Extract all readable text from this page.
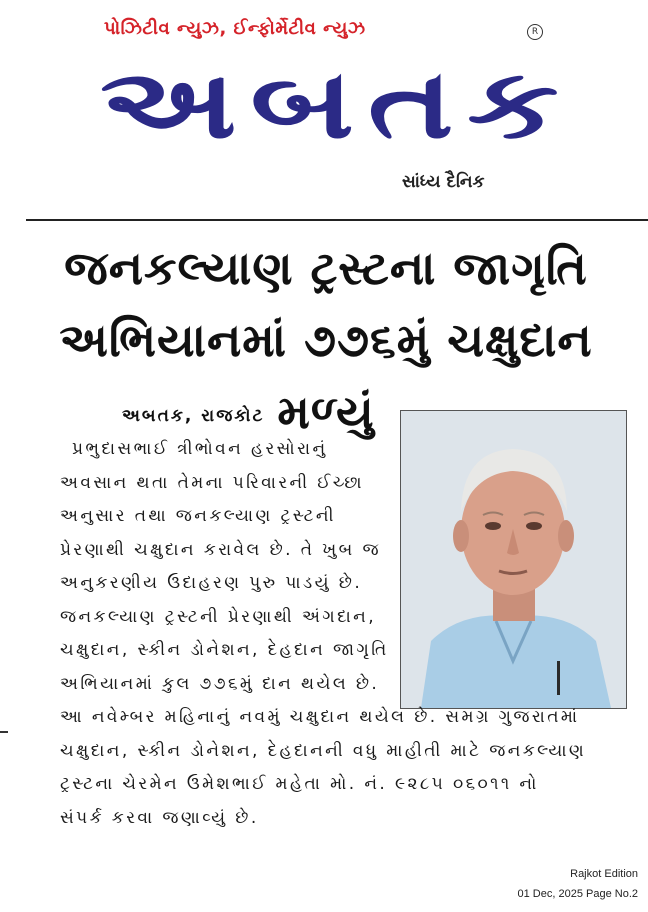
પોઝિટીવ ન્યુઝ, ઈન્ફોર્મેટીવ ન્યુઝ	R
અબતક
સાંધ્ય દૈનિક
જનકલ્યાણ ટ્રસ્ટના જાગૃતિ
અભિયાનમાં ૭૭૬મું ચક્ષુદાન મળ્યું
અબતક, રાજકોટ
પ્રભુદાસભાઈ ત્રીભોવન હરસોરાનું
અવસાન થતા તેમના પરિવારની ઈચ્છા
અનુસાર તથા જનકલ્યાણ ટ્રસ્ટની
પ્રેરણાથી ચક્ષુદાન કરાવેલ છે. તે ખુબ જ
અનુકરણીય ઉદાહરણ પુરુ પાડયું છે.
જનકલ્યાણ ટ્રસ્ટની પ્રેરણાથી અંગદાન,
ચક્ષુદાન, સ્કીન ડોનેશન, દેહદાન જાગૃતિ
અભિયાનમાં કુલ ૭૭૬મું દાન થયેલ છે.
આ નવેમ્બર મહિનાનું નવમું ચક્ષુદાન થયેલ છે. સમગ્ર ગુજરાતમાં
ચક્ષુદાન, સ્કીન ડોનેશન, દેહદાનની વધુ માહીતી માટે જનકલ્યાણ
ટ્રસ્ટના ચેરમેન ઉમેશભાઈ મહેતા મો. નં. ૯૨૮૫ ૦૬૦૧૧ નો
સંપર્ક કરવા જણાવ્યું છે.
Rajkot Edition
01 Dec, 2025 Page No.2
